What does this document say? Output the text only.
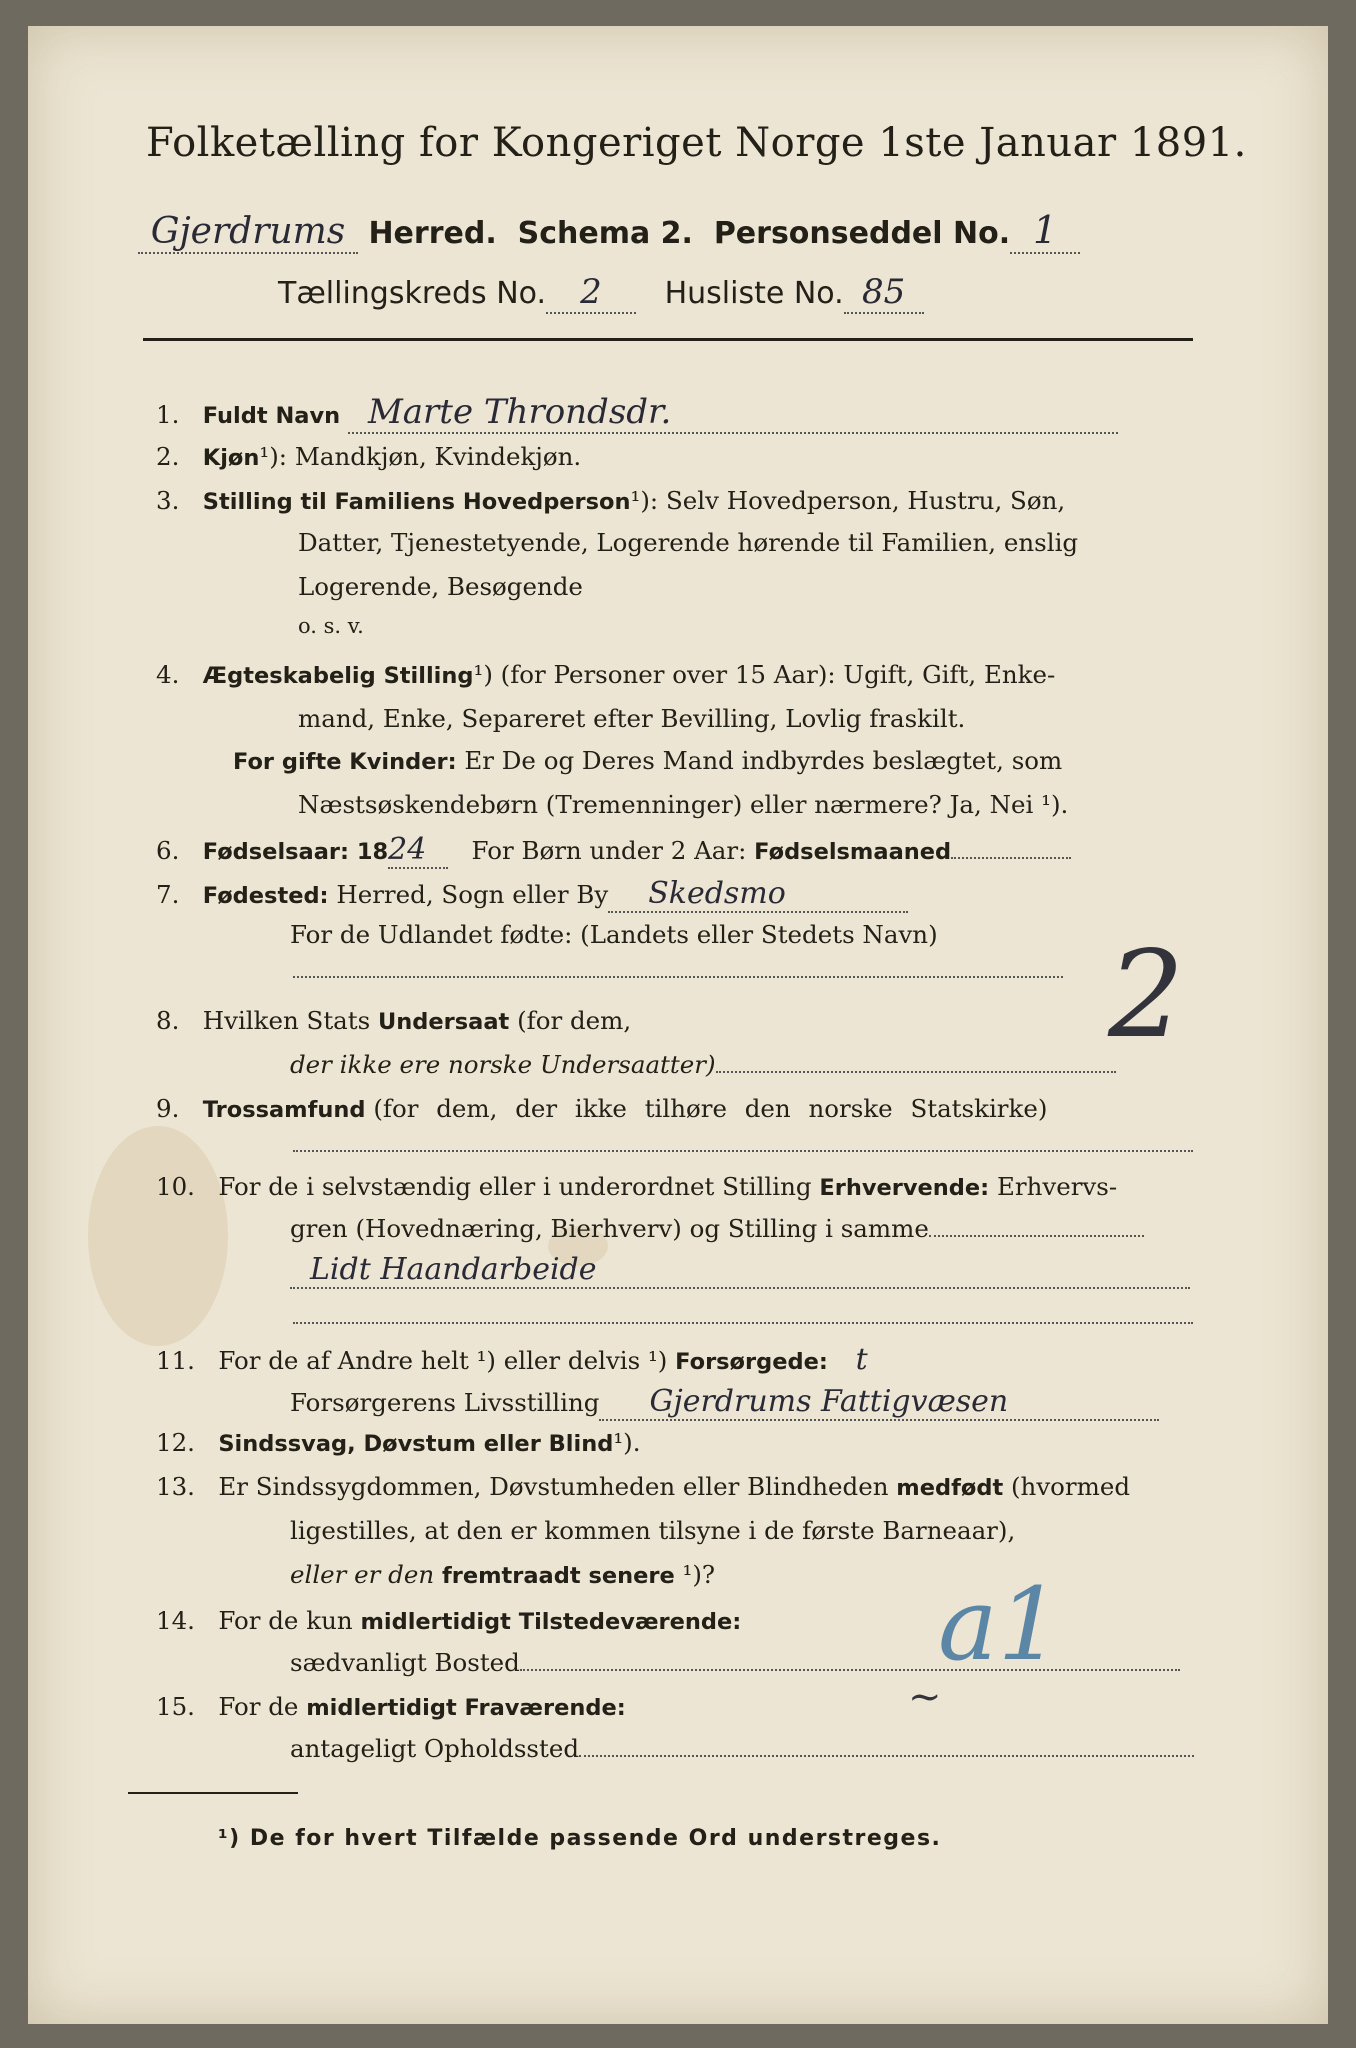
Folketælling for Kongeriget Norge 1ste Januar 1891.
Gjerdrums Herred. Schema 2. Personseddel No. 1
Tællingskreds No. 2 Husliste No. 85
1. Fuldt Navn Marte Throndsdr.
2. Kjøn¹): Mandkjøn, Kvindekjøn.
3. Stilling til Familiens Hovedperson¹): Selv Hovedperson, Hustru, Søn,
Datter, Tjenestetyende, Logerende hørende til Familien, enslig
Logerende, Besøgende
o. s. v.
4. Ægteskabelig Stilling¹) (for Personer over 15 Aar): Ugift, Gift, Enke-
mand, Enke, Separeret efter Bevilling, Lovlig fraskilt.
For gifte Kvinder: Er De og Deres Mand indbyrdes beslægtet, som
Næstsøskendebørn (Tremenninger) eller nærmere? Ja, Nei ¹).
6. Fødselsaar: 1824 For Børn under 2 Aar: Fødselsmaaned
7. Fødested: Herred, Sogn eller By Skedsmo
For de Udlandet fødte: (Landets eller Stedets Navn)
8. Hvilken Stats Undersaat (for dem,
der ikke ere norske Undersaatter)	2
9. Trossamfund (for dem, der ikke tilhøre den norske Statskirke)
10. For de i selvstændig eller i underordnet Stilling Erhvervende: Erhvervs-
gren (Hovednæring, Bierhverv) og Stilling i samme
Lidt Haandarbeide
11. For de af Andre helt ¹) eller delvis ¹) Forsørgede: t
Forsørgerens Livsstilling Gjerdrums Fattigvæsen
12. Sindssvag, Døvstum eller Blind¹).
13. Er Sindssygdommen, Døvstumheden eller Blindheden medfødt (hvormed
ligestilles, at den er kommen tilsyne i de første Barneaar),
eller er den fremtraadt senere ¹)?
14. For de kun midlertidigt Tilstedeværende:
sædvanligt Bosted	a1
15. For de midlertidigt Fraværende:
antageligt Opholdssted
~
¹) De for hvert Tilfælde passende Ord understreges.
